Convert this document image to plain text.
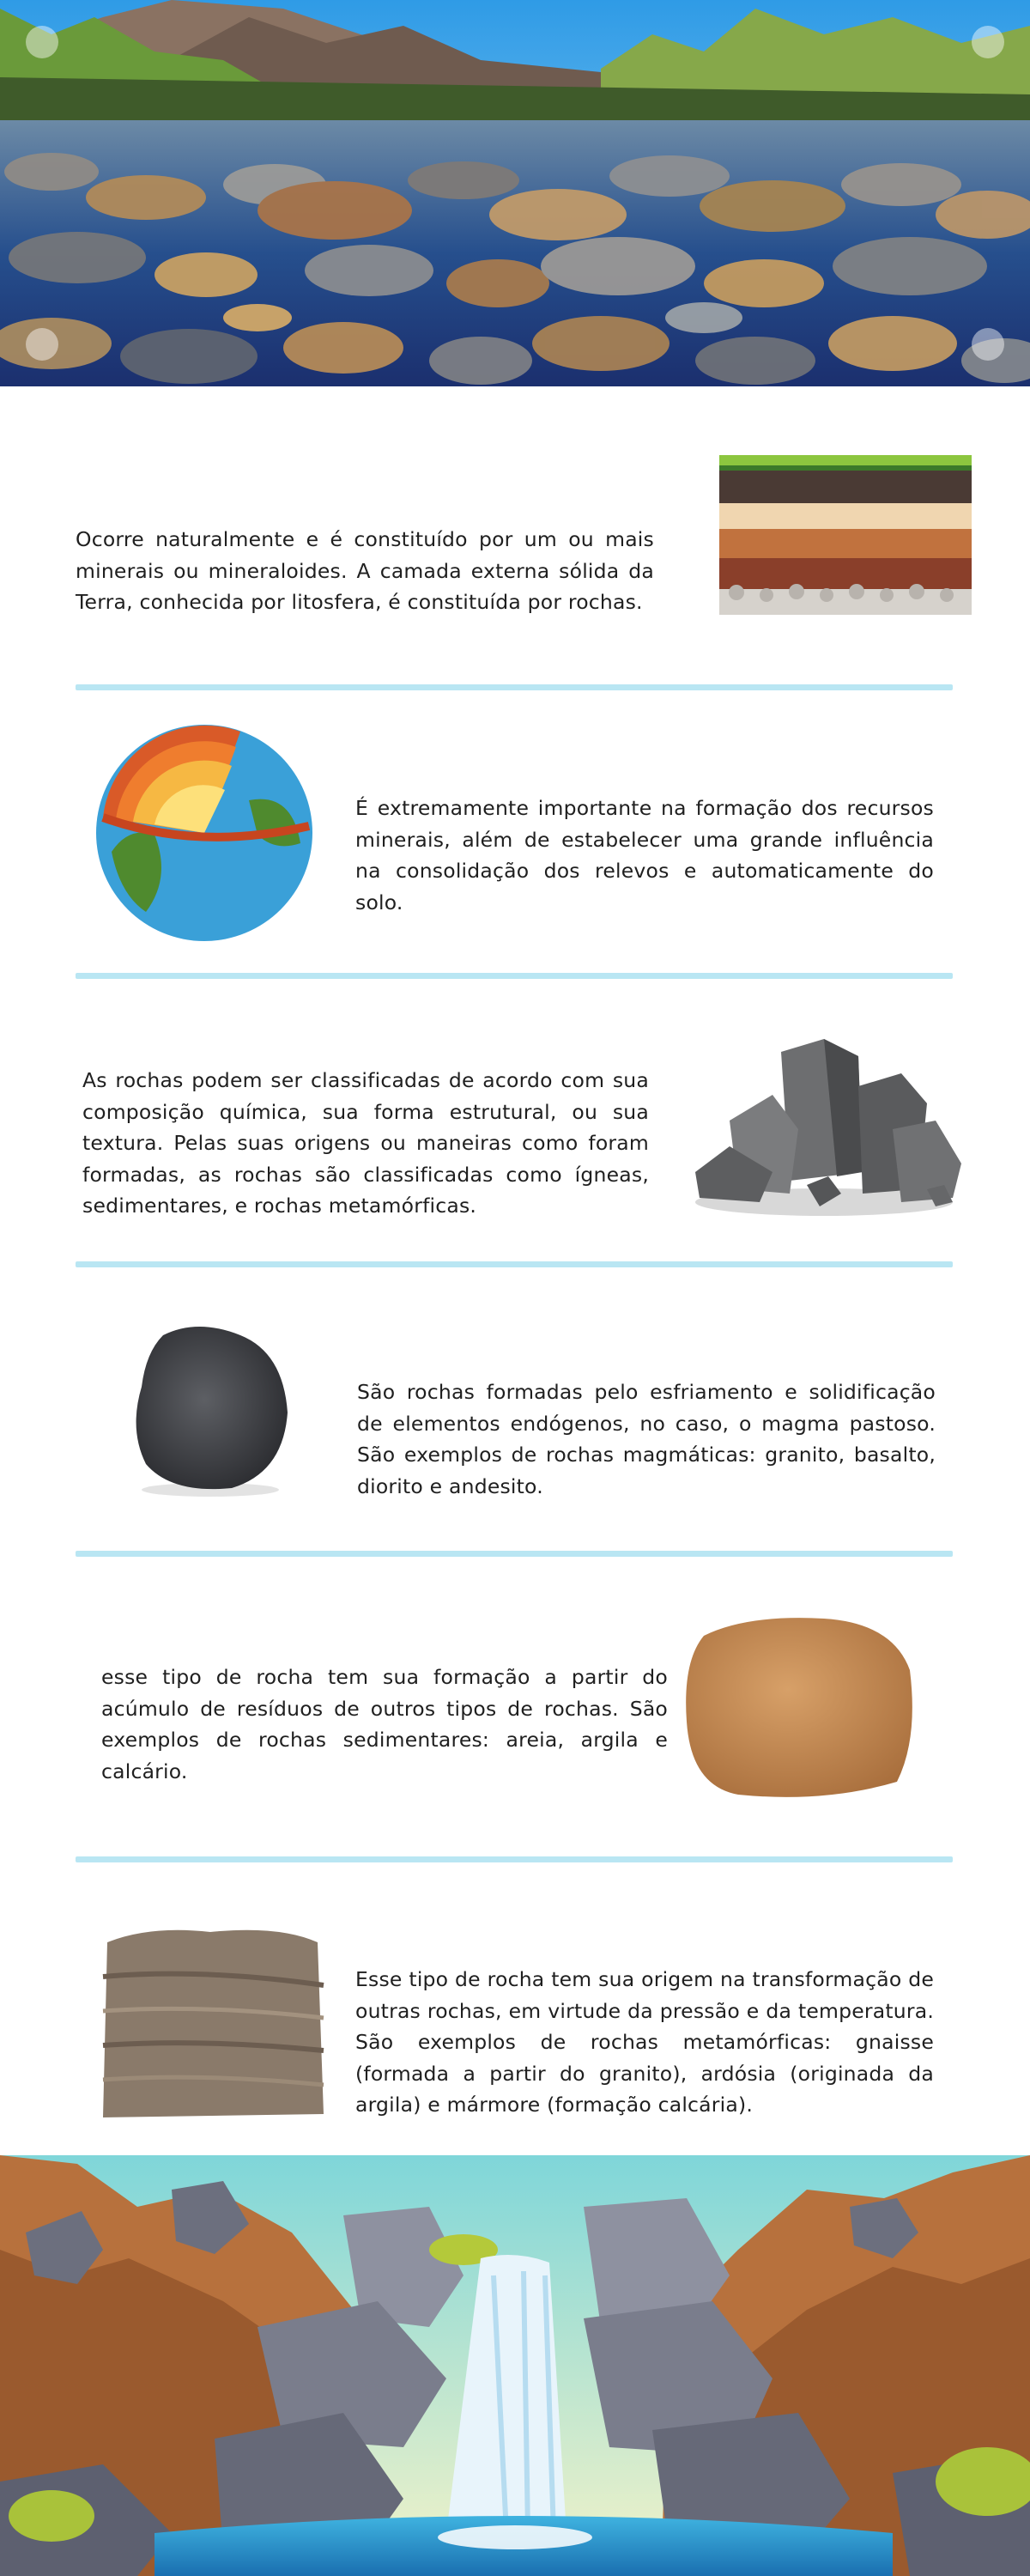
Ocorre naturalmente e é constituído por um ou mais minerais ou mineraloides. A camada externa sólida da Terra, conhecida por litosfera, é constituída por rochas.
É extremamente importante na formação dos recursos minerais, além de estabelecer uma grande influência na consolidação dos relevos e automaticamente do solo.
As rochas podem ser classificadas de acordo com sua composição química, sua forma estrutural, ou sua textura. Pelas suas origens ou maneiras como foram formadas, as rochas são classificadas como ígneas, sedimentares, e rochas metamórficas.
São rochas formadas pelo esfriamento e solidificação de elementos endógenos, no caso, o magma pastoso. São exemplos de rochas magmáticas: granito, basalto, diorito e andesito.
esse tipo de rocha tem sua formação a partir do acúmulo de resíduos de outros tipos de rochas. São exemplos de rochas sedimentares: areia, argila e calcário.
Esse tipo de rocha tem sua origem na transformação de outras rochas, em virtude da pressão e da temperatura. São exemplos de rochas metamórficas: gnaisse (formada a partir do granito), ardósia (originada da argila) e mármore (formação calcária).
